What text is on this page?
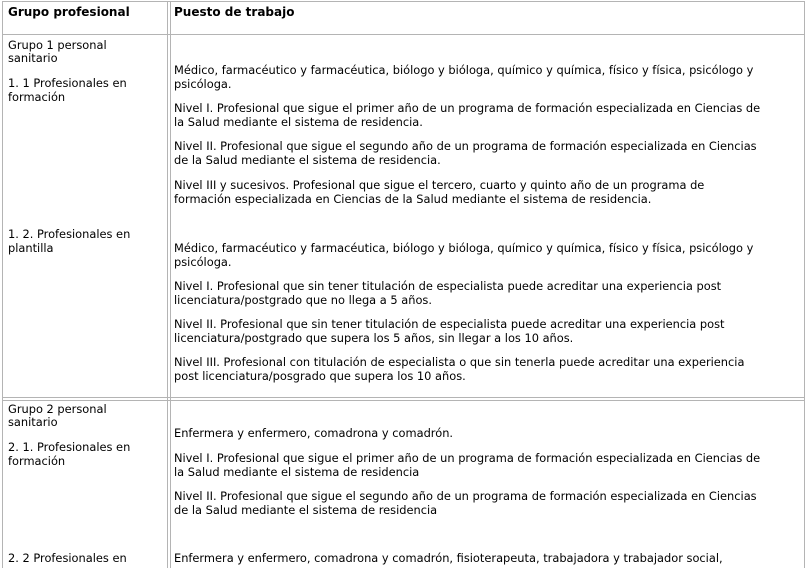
Grupo profesional	Puesto de trabajo
Grupo 1 personal
sanitario
1. 1 Profesionales en
formación
1. 2. Profesionales en
plantilla
Médico, farmacéutico y farmacéutica, biólogo y bióloga, químico y química, físico y física, psicólogo y
psicóloga.
Nivel I. Profesional que sigue el primer año de un programa de formación especializada en Ciencias de
la Salud mediante el sistema de residencia.
Nivel II. Profesional que sigue el segundo año de un programa de formación especializada en Ciencias
de la Salud mediante el sistema de residencia.
Nivel III y sucesivos. Profesional que sigue el tercero, cuarto y quinto año de un programa de
formación especializada en Ciencias de la Salud mediante el sistema de residencia.
Médico, farmacéutico y farmacéutica, biólogo y bióloga, químico y química, físico y física, psicólogo y
psicóloga.
Nivel I. Profesional que sin tener titulación de especialista puede acreditar una experiencia post
licenciatura/postgrado que no llega a 5 años.
Nivel II. Profesional que sin tener titulación de especialista puede acreditar una experiencia post
licenciatura/postgrado que supera los 5 años, sin llegar a los 10 años.
Nivel III. Profesional con titulación de especialista o que sin tenerla puede acreditar una experiencia
post licenciatura/posgrado que supera los 10 años.
Grupo 2 personal
sanitario
2. 1. Profesionales en
formación
2. 2 Profesionales en
Enfermera y enfermero, comadrona y comadrón.
Nivel I. Profesional que sigue el primer año de un programa de formación especializada en Ciencias de
la Salud mediante el sistema de residencia
Nivel II. Profesional que sigue el segundo año de un programa de formación especializada en Ciencias
de la Salud mediante el sistema de residencia
Enfermera y enfermero, comadrona y comadrón, fisioterapeuta, trabajadora y trabajador social,
